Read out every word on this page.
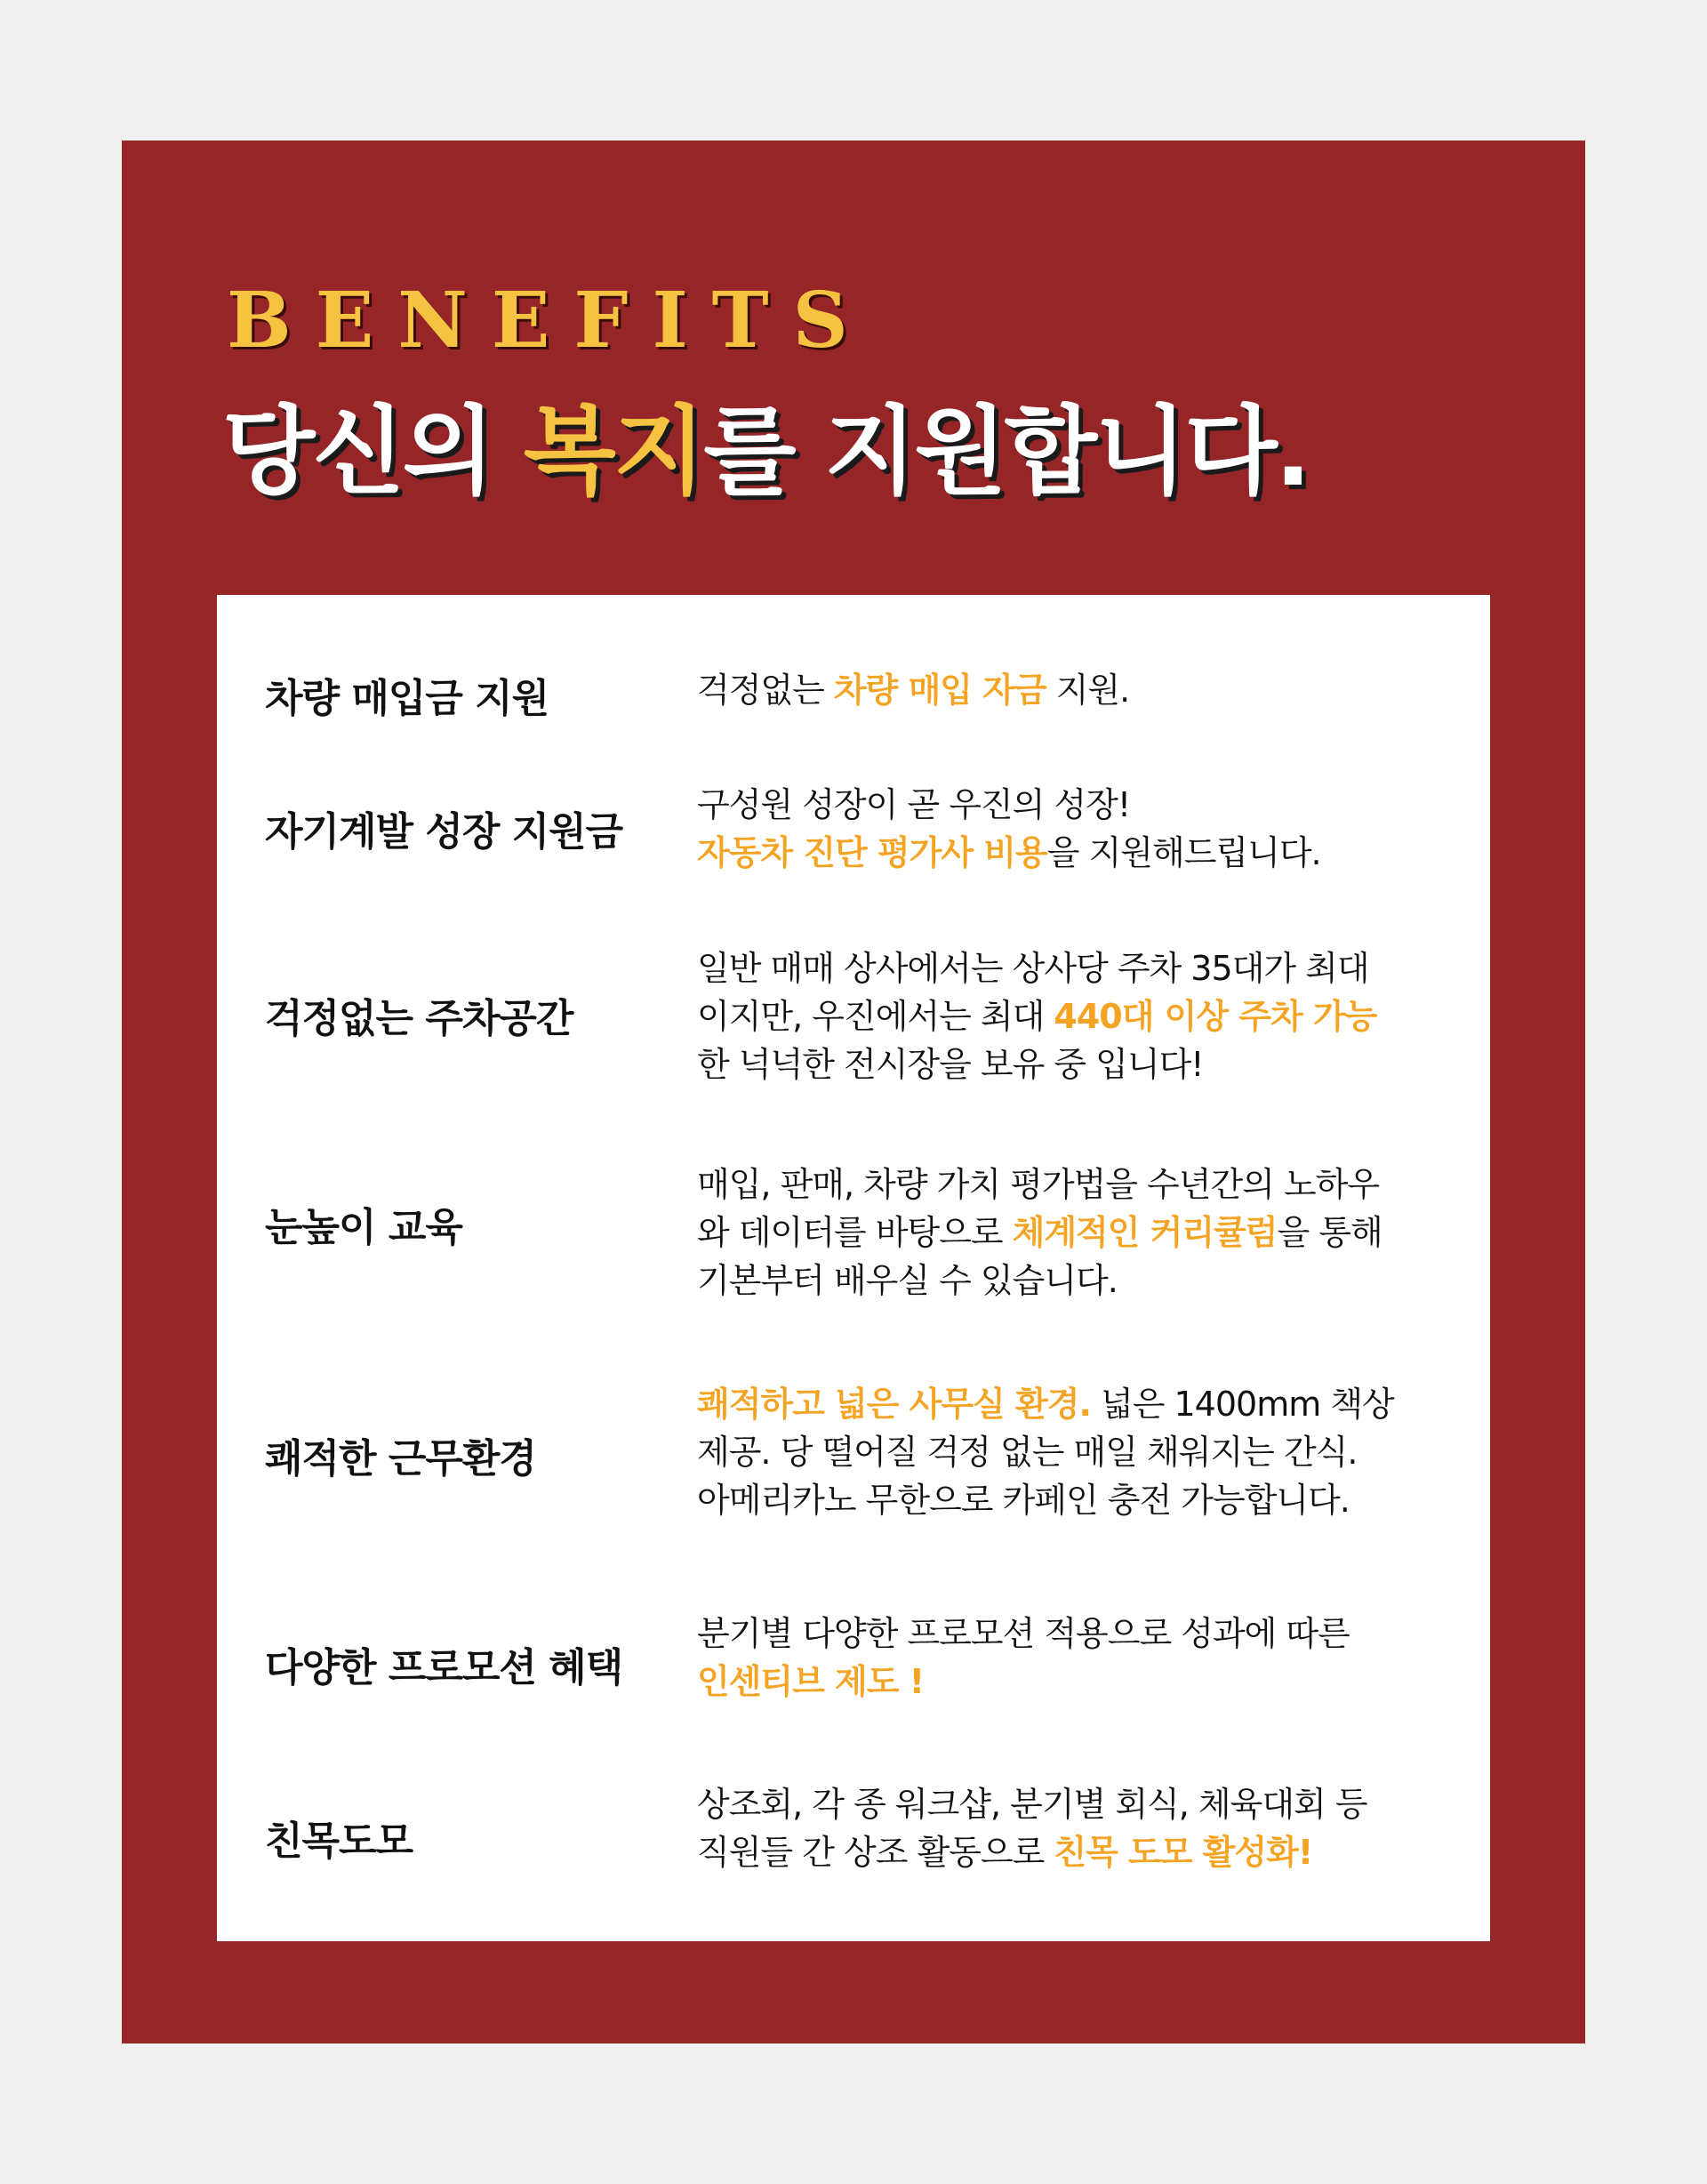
BENEFITS
당신의 복지를 지원합니다.
차량 매입금 지원	걱정없는 차량 매입 자금 지원.
자기계발 성장 지원금
구성원 성장이 곧 우진의 성장!
자동차 진단 평가사 비용을 지원해드립니다.
걱정없는 주차공간
일반 매매 상사에서는 상사당 주차 35대가 최대
이지만, 우진에서는 최대 440대 이상 주차 가능
한 넉넉한 전시장을 보유 중 입니다!
눈높이 교육
매입, 판매, 차량 가치 평가법을 수년간의 노하우
와 데이터를 바탕으로 체계적인 커리큘럼을 통해
기본부터 배우실 수 있습니다.
쾌적한 근무환경
쾌적하고 넓은 사무실 환경. 넓은 1400mm 책상
제공. 당 떨어질 걱정 없는 매일 채워지는 간식.
아메리카노 무한으로 카페인 충전 가능합니다.
다양한 프로모션 혜택
분기별 다양한 프로모션 적용으로 성과에 따른
인센티브 제도 !
친목도모
상조회, 각 종 워크샵, 분기별 회식, 체육대회 등
직원들 간 상조 활동으로 친목 도모 활성화!
